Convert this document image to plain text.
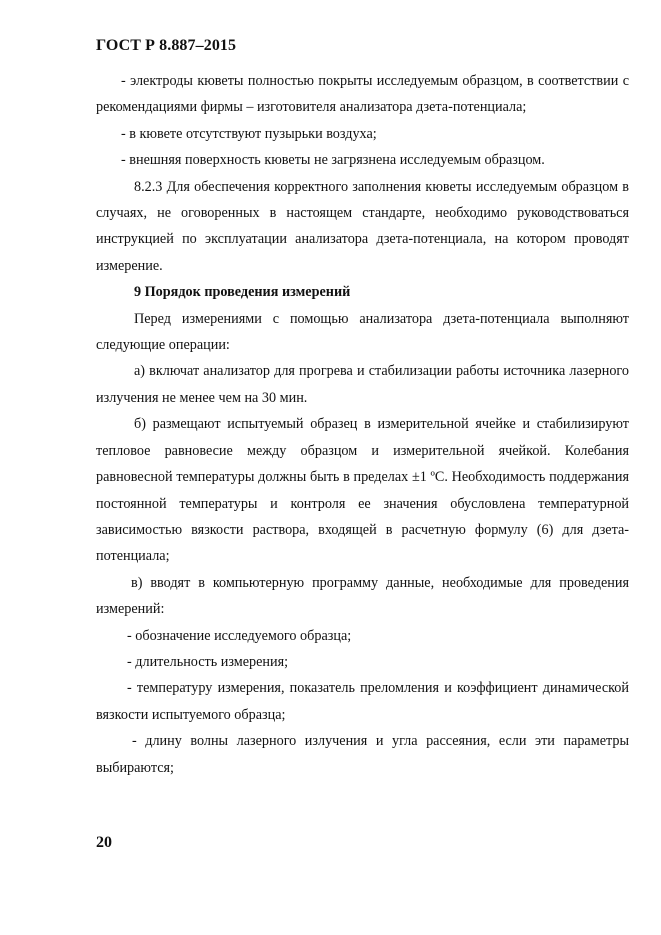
ГОСТ Р 8.887–2015

- электроды кюветы полностью покрыты исследуемым образцом, в соответствии с рекомендациями фирмы – изготовителя анализатора дзета-потенциала;

- в кювете отсутствуют пузырьки воздуха;

- внешняя поверхность кюветы не загрязнена исследуемым образцом.

8.2.3 Для обеспечения корректного заполнения кюветы исследуемым образцом в случаях, не оговоренных в настоящем стандарте, необходимо руководствоваться инструкцией по эксплуатации анализатора дзета-потенциала, на котором проводят измерение.

9 Порядок проведения измерений

Перед измерениями с помощью анализатора дзета-потенциала выполняют следующие операции:

а) включат анализатор для прогрева и стабилизации работы источника лазерного излучения не менее чем на 30 мин.

б) размещают испытуемый образец в измерительной ячейке и стабилизируют тепловое равновесие между образцом и измерительной ячейкой. Колебания равновесной температуры должны быть в пределах ±1 ºС. Необходимость поддержания постоянной температуры и контроля ее значения обусловлена температурной зависимостью вязкости раствора, входящей в расчетную формулу (6) для дзета-потенциала;

в) вводят в компьютерную программу данные, необходимые для проведения измерений:

- обозначение исследуемого образца;

- длительность измерения;

- температуру измерения, показатель преломления и коэффициент динамической вязкости испытуемого образца;

- длину волны лазерного излучения и угла рассеяния, если эти параметры выбираются;

20
